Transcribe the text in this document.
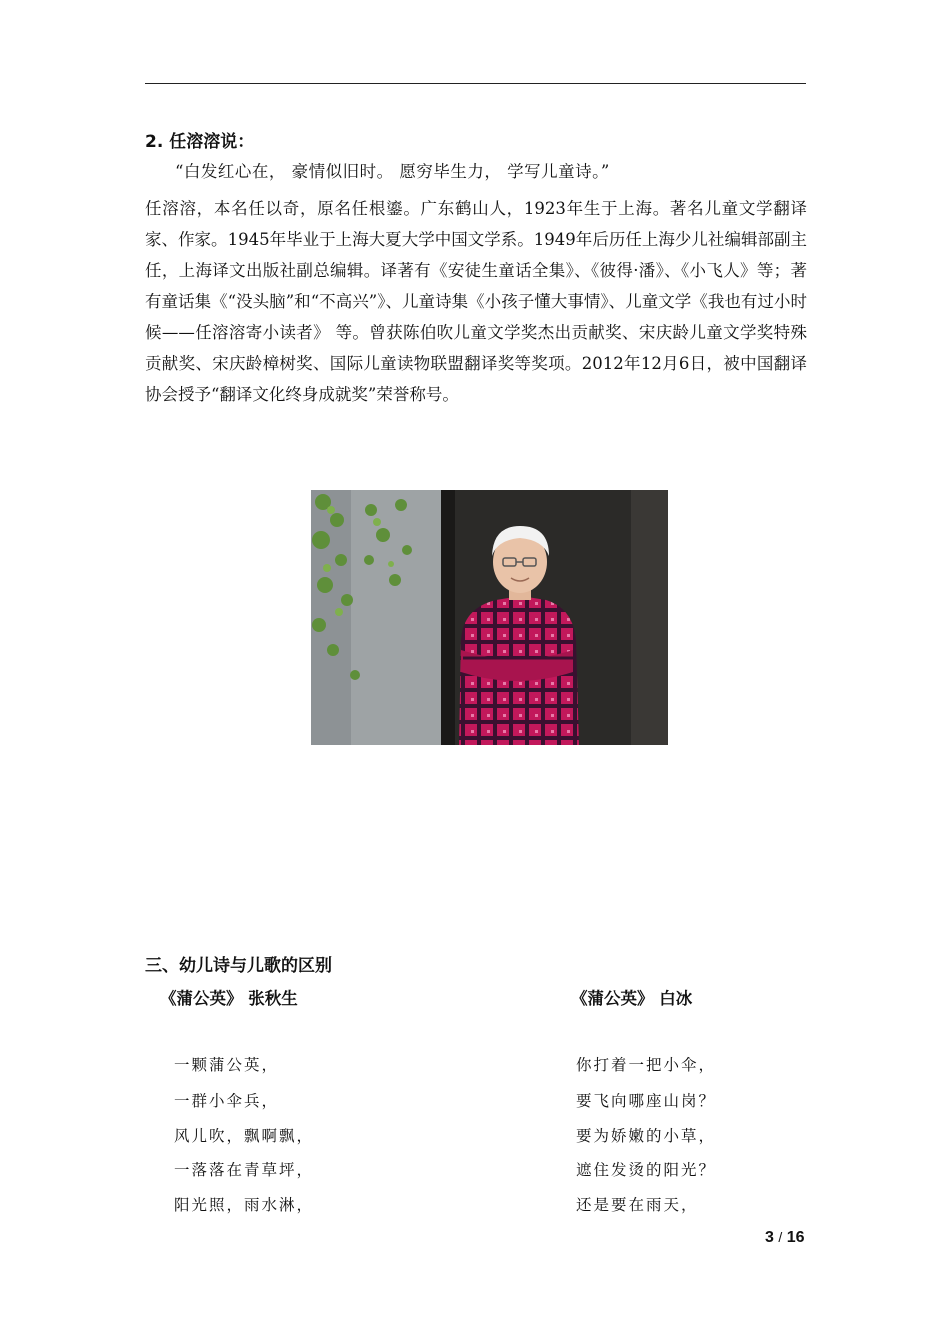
2. 任溶溶说：
“白发红心在， 豪情似旧时。 愿穷毕生力， 学写儿童诗。”
任溶溶，本名任以奇，原名任根鎏。广东鹤山人，1923年生于上海。著名儿童文学翻译家、作家。1945年毕业于上海大夏大学中国文学系。1949年后历任上海少儿社编辑部副主任，上海译文出版社副总编辑。译著有《安徒生童话全集》、《彼得·潘》、《小飞人》等；著有童话集《“没头脑”和“不高兴”》、儿童诗集《小孩子懂大事情》、儿童文学《我也有过小时候——任溶溶寄小读者》 等。曾获陈伯吹儿童文学奖杰出贡献奖、宋庆龄儿童文学奖特殊贡献奖、宋庆龄樟树奖、国际儿童读物联盟翻译奖等奖项。2012年12月6日，被中国翻译协会授予“翻译文化终身成就奖”荣誉称号。
三、幼儿诗与儿歌的区别
《蒲公英》 张秋生	《蒲公英》 白冰
一颗蒲公英，
一群小伞兵，
风儿吹，飘啊飘，
一落落在青草坪，
阳光照，雨水淋，
你打着一把小伞，
要飞向哪座山岗？
要为娇嫩的小草，
遮住发烫的阳光？
还是要在雨天，
3 / 16
